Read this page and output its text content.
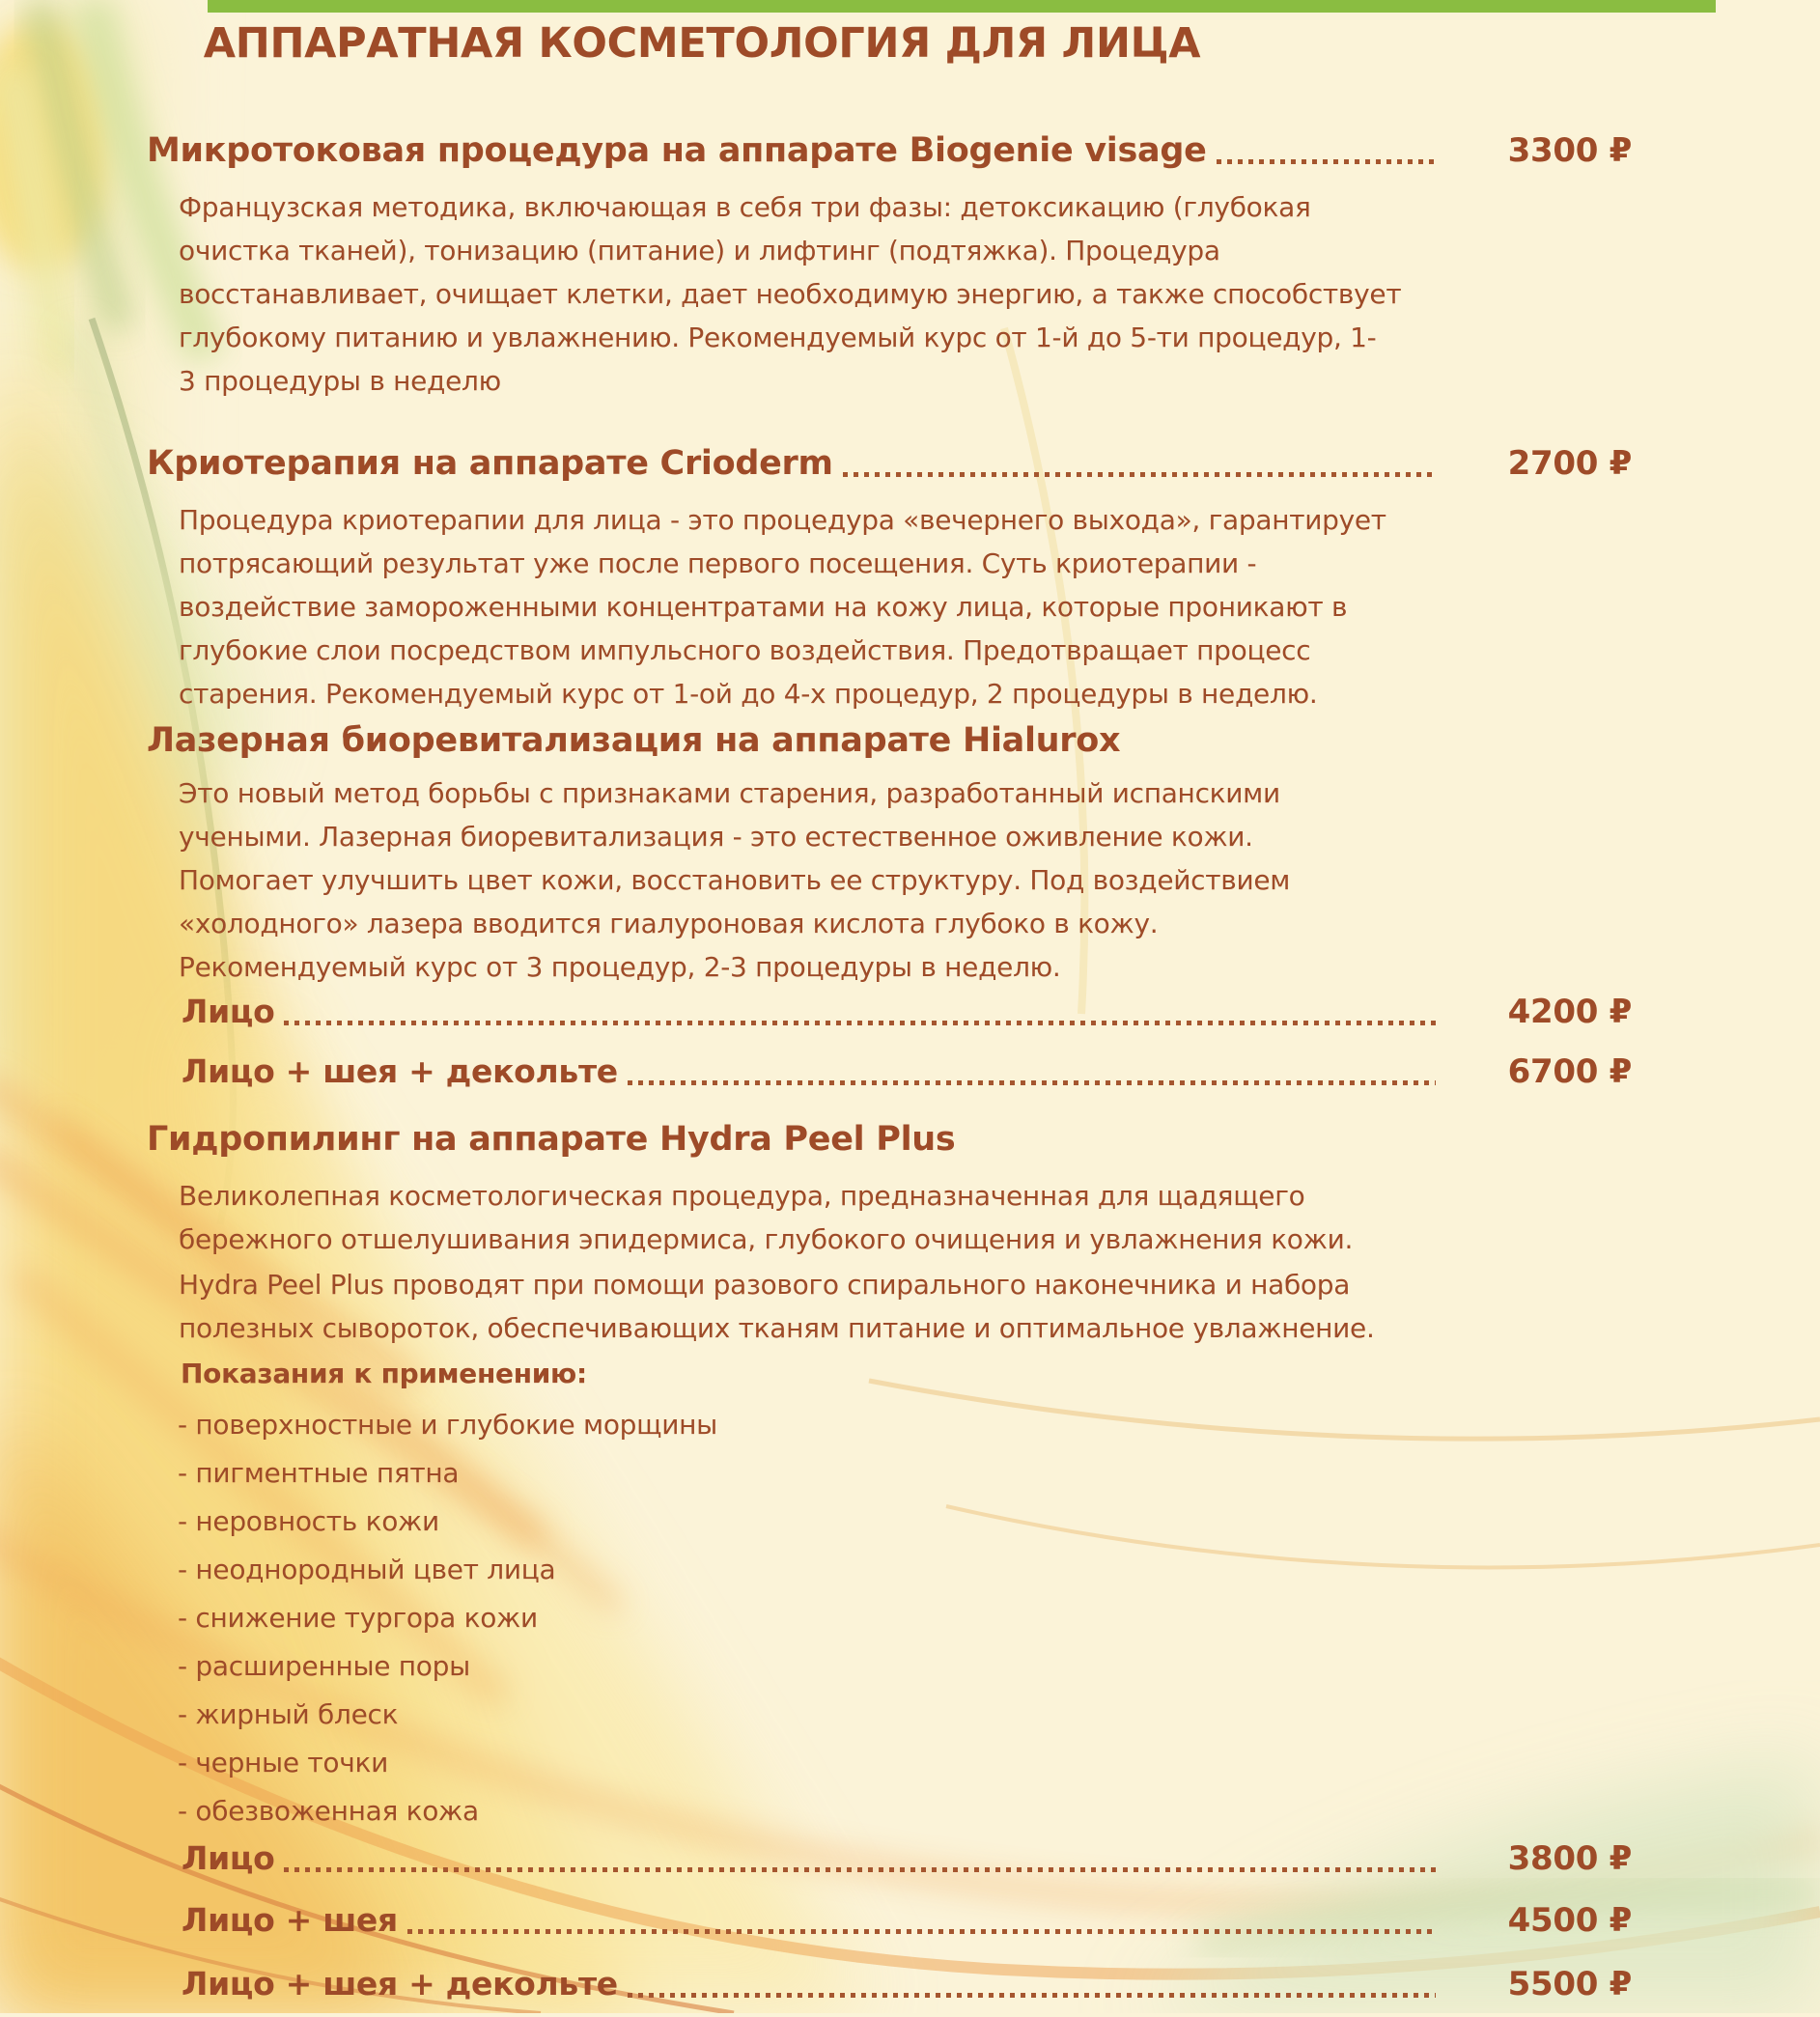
АППАРАТНАЯ КОСМЕТОЛОГИЯ ДЛЯ ЛИЦА
Микротоковая процедура на аппарате Biogenie visage	3300 ₽
Французская методика, включающая в себя три фазы: детоксикацию (глубокая
очистка тканей), тонизацию (питание) и лифтинг (подтяжка). Процедура
восстанавливает, очищает клетки, дает необходимую энергию, а также способствует
глубокому питанию и увлажнению. Рекомендуемый курс от 1-й до 5-ти процедур, 1-
3 процедуры в неделю
Криотерапия на аппарате Crioderm	2700 ₽
Процедура криотерапии для лица - это процедура «вечернего выхода», гарантирует
потрясающий результат уже после первого посещения. Суть криотерапии -
воздействие замороженными концентратами на кожу лица, которые проникают в
глубокие слои посредством импульсного воздействия. Предотвращает процесс
старения. Рекомендуемый курс от 1-ой до 4-х процедур, 2 процедуры в неделю.
Лазерная биоревитализация на аппарате Hialurox
Это новый метод борьбы с признаками старения, разработанный испанскими
учеными. Лазерная биоревитализация - это естественное оживление кожи.
Помогает улучшить цвет кожи, восстановить ее структуру. Под воздействием
«холодного» лазера вводится гиалуроновая кислота глубоко в кожу.
Рекомендуемый курс от 3 процедур, 2-3 процедуры в неделю.
Лицо	4200 ₽
Лицо + шея + декольте	6700 ₽
Гидропилинг на аппарате Hydra Peel Plus
Великолепная косметологическая процедура, предназначенная для щадящего
бережного отшелушивания эпидермиса, глубокого очищения и увлажнения кожи.
Hydra Peel Plus проводят при помощи разового спирального наконечника и набора
полезных сывороток, обеспечивающих тканям питание и оптимальное увлажнение.
Показания к применению:
- поверхностные и глубокие морщины
- пигментные пятна
- неровность кожи
- неоднородный цвет лица
- снижение тургора кожи
- расширенные поры
- жирный блеск
- черные точки
- обезвоженная кожа
Лицо	3800 ₽
Лицо + шея	4500 ₽
Лицо + шея + декольте	5500 ₽
